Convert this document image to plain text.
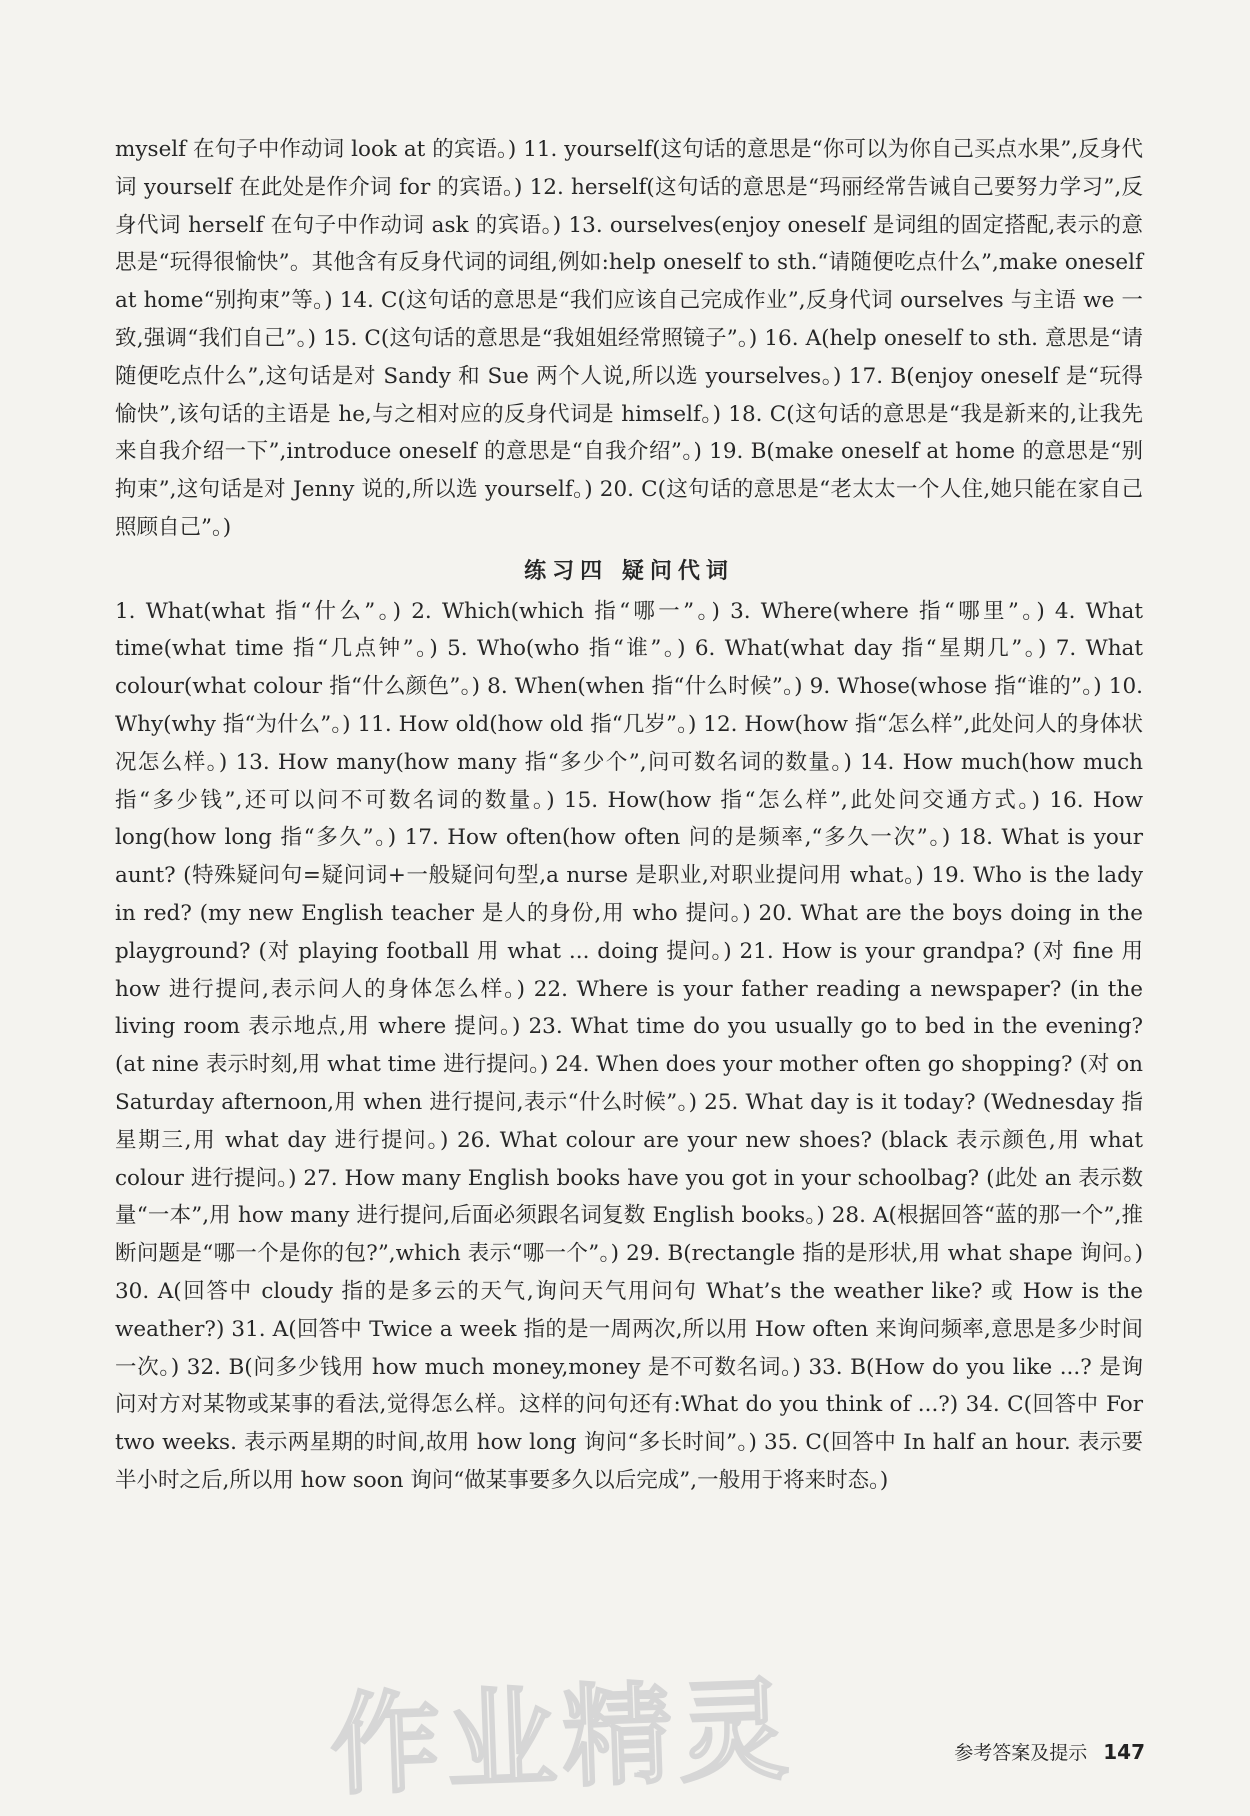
myself 在句子中作动词 look at 的宾语。) 11. yourself(这句话的意思是“你可以为你自己买点水果”,反身代词 yourself 在此处是作介词 for 的宾语。) 12. herself(这句话的意思是“玛丽经常告诫自己要努力学习”,反身代词 herself 在句子中作动词 ask 的宾语。) 13. ourselves(enjoy oneself 是词组的固定搭配,表示的意思是“玩得很愉快”。其他含有反身代词的词组,例如:help oneself to sth.“请随便吃点什么”,make oneself at home“别拘束”等。) 14. C(这句话的意思是“我们应该自己完成作业”,反身代词 ourselves 与主语 we 一致,强调“我们自己”。) 15. C(这句话的意思是“我姐姐经常照镜子”。) 16. A(help oneself to sth. 意思是“请随便吃点什么”,这句话是对 Sandy 和 Sue 两个人说,所以选 yourselves。) 17. B(enjoy oneself 是“玩得愉快”,该句话的主语是 he,与之相对应的反身代词是 himself。) 18. C(这句话的意思是“我是新来的,让我先来自我介绍一下”,introduce oneself 的意思是“自我介绍”。) 19. B(make oneself at home 的意思是“别拘束”,这句话是对 Jenny 说的,所以选 yourself。) 20. C(这句话的意思是“老太太一个人住,她只能在家自己照顾自己”。)

练习四 疑问代词

1. What(what 指“什么”。) 2. Which(which 指“哪一”。) 3. Where(where 指“哪里”。) 4. What time(what time 指“几点钟”。) 5. Who(who 指“谁”。) 6. What(what day 指“星期几”。) 7. What colour(what colour 指“什么颜色”。) 8. When(when 指“什么时候”。) 9. Whose(whose 指“谁的”。) 10. Why(why 指“为什么”。) 11. How old(how old 指“几岁”。) 12. How(how 指“怎么样”,此处问人的身体状况怎么样。) 13. How many(how many 指“多少个”,问可数名词的数量。) 14. How much(how much 指“多少钱”,还可以问不可数名词的数量。) 15. How(how 指“怎么样”,此处问交通方式。) 16. How long(how long 指“多久”。) 17. How often(how often 问的是频率,“多久一次”。) 18. What is your aunt? (特殊疑问句=疑问词+一般疑问句型,a nurse 是职业,对职业提问用 what。) 19. Who is the lady in red? (my new English teacher 是人的身份,用 who 提问。) 20. What are the boys doing in the playground? (对 playing football 用 what ... doing 提问。) 21. How is your grandpa? (对 fine 用 how 进行提问,表示问人的身体怎么样。) 22. Where is your father reading a newspaper? (in the living room 表示地点,用 where 提问。) 23. What time do you usually go to bed in the evening? (at nine 表示时刻,用 what time 进行提问。) 24. When does your mother often go shopping? (对 on Saturday afternoon,用 when 进行提问,表示“什么时候”。) 25. What day is it today? (Wednesday 指星期三,用 what day 进行提问。) 26. What colour are your new shoes? (black 表示颜色,用 what colour 进行提问。) 27. How many English books have you got in your schoolbag? (此处 an 表示数量“一本”,用 how many 进行提问,后面必须跟名词复数 English books。) 28. A(根据回答“蓝的那一个”,推断问题是“哪一个是你的包?”,which 表示“哪一个”。) 29. B(rectangle 指的是形状,用 what shape 询问。) 30. A(回答中 cloudy 指的是多云的天气,询问天气用问句 What’s the weather like? 或 How is the weather?) 31. A(回答中 Twice a week 指的是一周两次,所以用 How often 来询问频率,意思是多少时间一次。) 32. B(问多少钱用 how much money,money 是不可数名词。) 33. B(How do you like ...? 是询问对方对某物或某事的看法,觉得怎么样。这样的问句还有:What do you think of ...?) 34. C(回答中 For two weeks. 表示两星期的时间,故用 how long 询问“多长时间”。) 35. C(回答中 In half an hour. 表示要半小时之后,所以用 how soon 询问“做某事要多久以后完成”,一般用于将来时态。)

作业精灵	参考答案及提示 147
